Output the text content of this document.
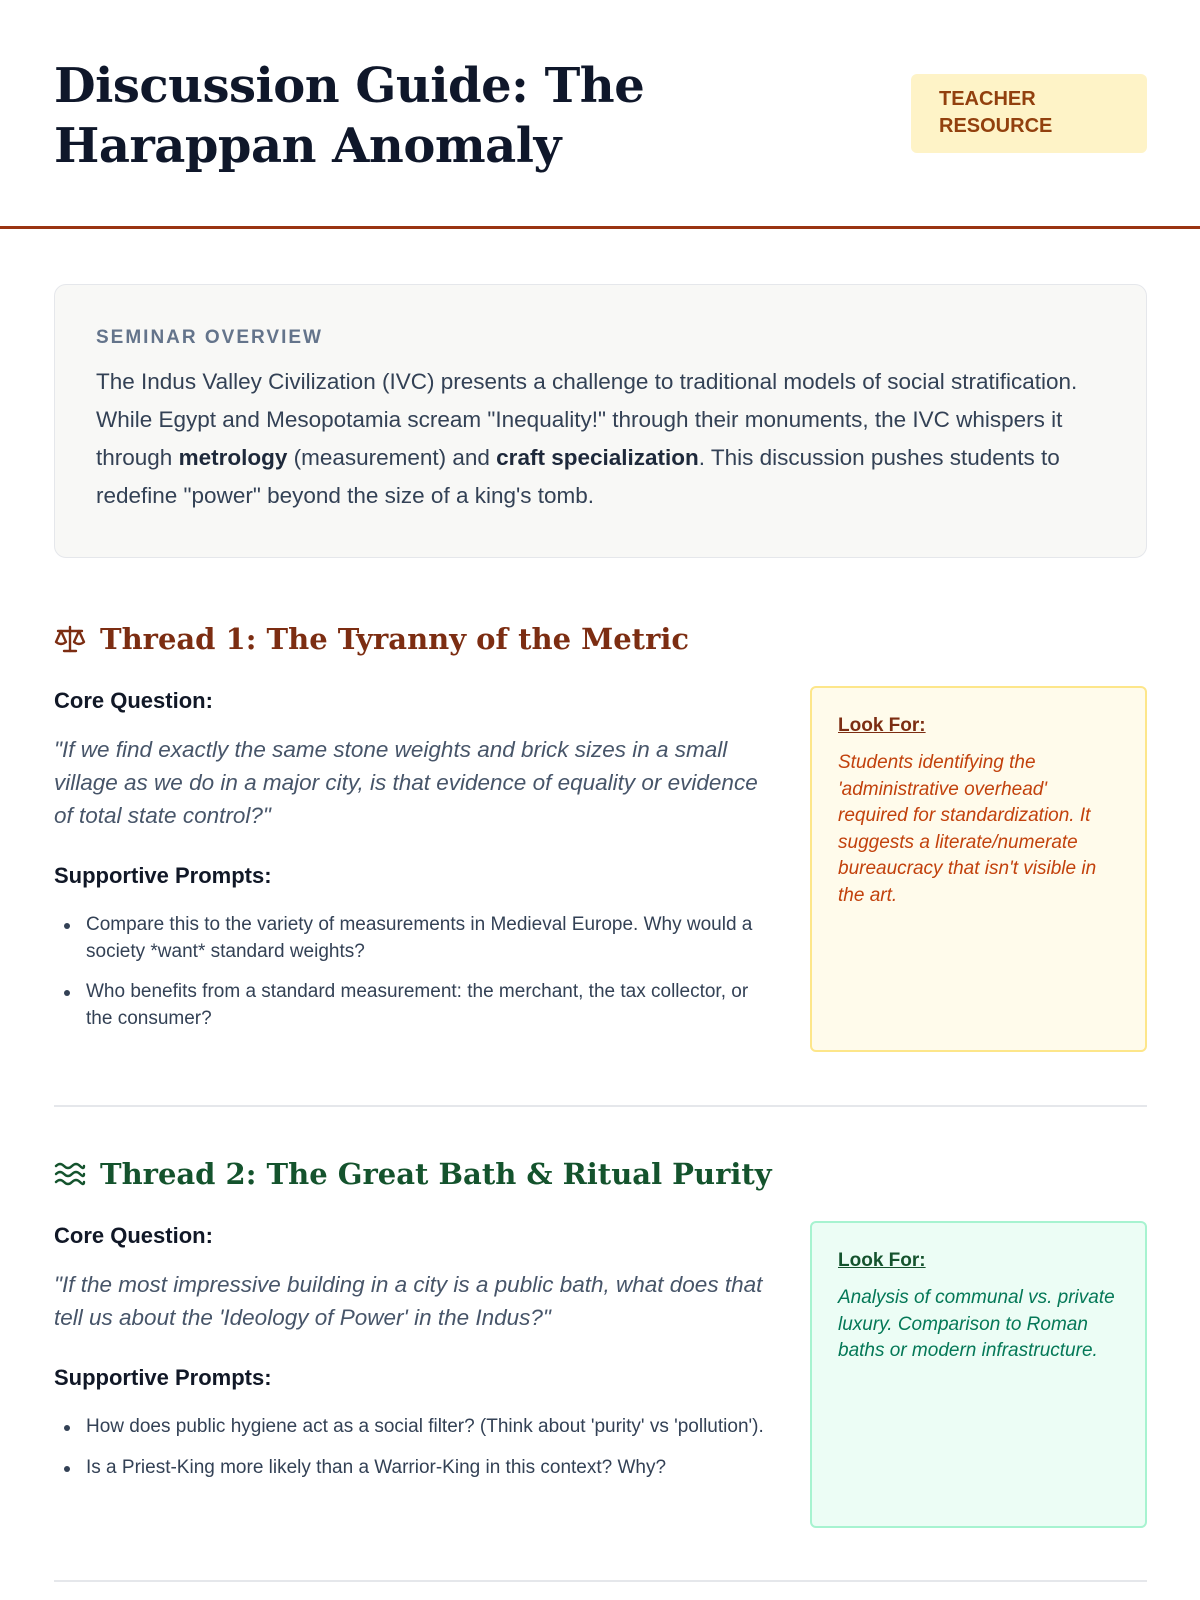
Discussion Guide: The Harappan Anomaly
TEACHER RESOURCE
SEMINAR OVERVIEW

The Indus Valley Civilization (IVC) presents a challenge to traditional models of social stratification. While Egypt and Mesopotamia scream "Inequality!" through their monuments, the IVC whispers it through metrology (measurement) and craft specialization. This discussion pushes students to redefine "power" beyond the size of a king's tomb.

Thread 1: The Tyranny of the Metric

Core Question:

"If we find exactly the same stone weights and brick sizes in a small village as we do in a major city, is that evidence of equality or evidence of total state control?"

Supportive Prompts:

Compare this to the variety of measurements in Medieval Europe. Why would a society *want* standard weights?
Who benefits from a standard measurement: the merchant, the tax collector, or the consumer?

Look For:

Students identifying the 'administrative overhead' required for standardization. It suggests a literate/numerate bureaucracy that isn't visible in the art.

Thread 2: The Great Bath & Ritual Purity

Core Question:

"If the most impressive building in a city is a public bath, what does that tell us about the 'Ideology of Power' in the Indus?"

Supportive Prompts:

How does public hygiene act as a social filter? (Think about 'purity' vs 'pollution').
Is a Priest-King more likely than a Warrior-King in this context? Why?

Look For:

Analysis of communal vs. private luxury. Comparison to Roman baths or modern infrastructure.
